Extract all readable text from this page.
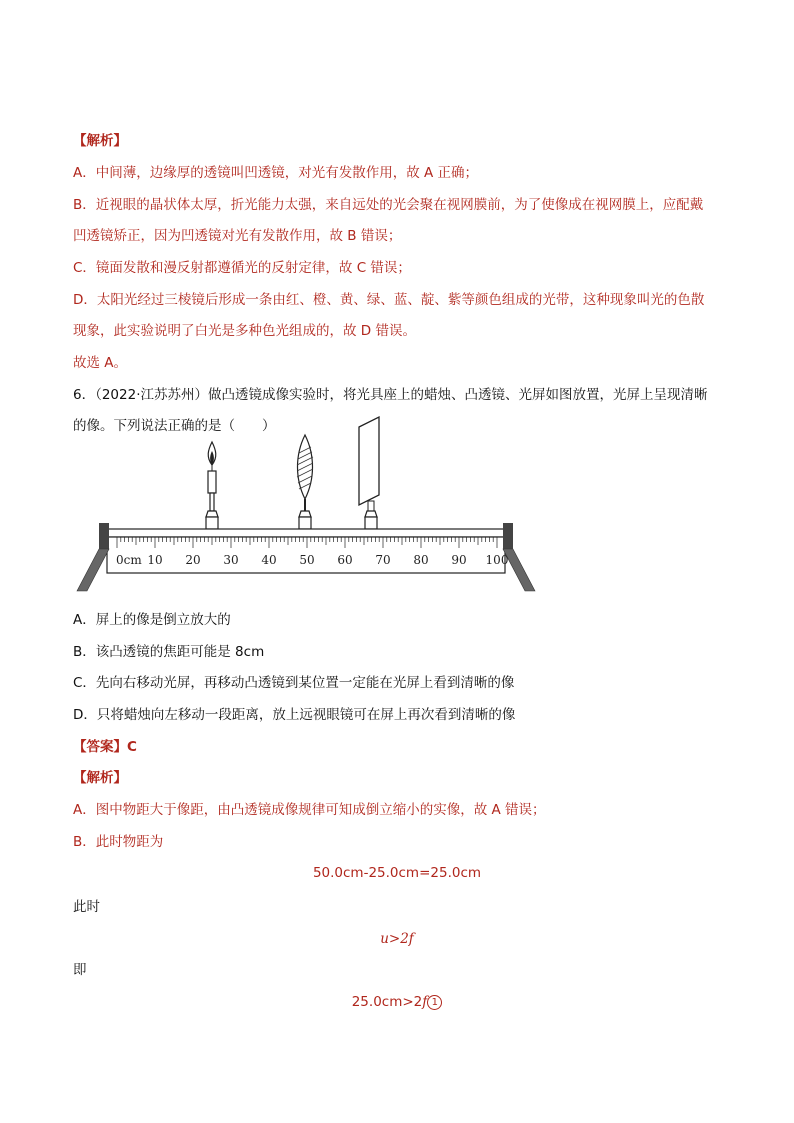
【解析】
A．中间薄，边缘厚的透镜叫凹透镜，对光有发散作用，故 A 正确；
B．近视眼的晶状体太厚，折光能力太强，来自远处的光会聚在视网膜前，为了使像成在视网膜上，应配戴
凹透镜矫正，因为凹透镜对光有发散作用，故 B 错误；
C．镜面发散和漫反射都遵循光的反射定律，故 C 错误；
D．太阳光经过三棱镜后形成一条由红、橙、黄、绿、蓝、靛、紫等颜色组成的光带，这种现象叫光的色散
现象，此实验说明了白光是多种色光组成的，故 D 错误。
故选 A。
6．（2022·江苏苏州）做凸透镜成像实验时，将光具座上的蜡烛、凸透镜、光屏如图放置，光屏上呈现清晰
的像。下列说法正确的是（　　）
0cm 10 20 30 40 50 60 70 80 90 100
A．屏上的像是倒立放大的
B．该凸透镜的焦距可能是 8cm
C．先向右移动光屏，再移动凸透镜到某位置一定能在光屏上看到清晰的像
D．只将蜡烛向左移动一段距离，放上远视眼镜可在屏上再次看到清晰的像
【答案】C
【解析】
A．图中物距大于像距，由凸透镜成像规律可知成倒立缩小的实像，故 A 错误；
B．此时物距为
50.0cm-25.0cm=25.0cm
此时
u>2f
即
25.0cm>2f 1
